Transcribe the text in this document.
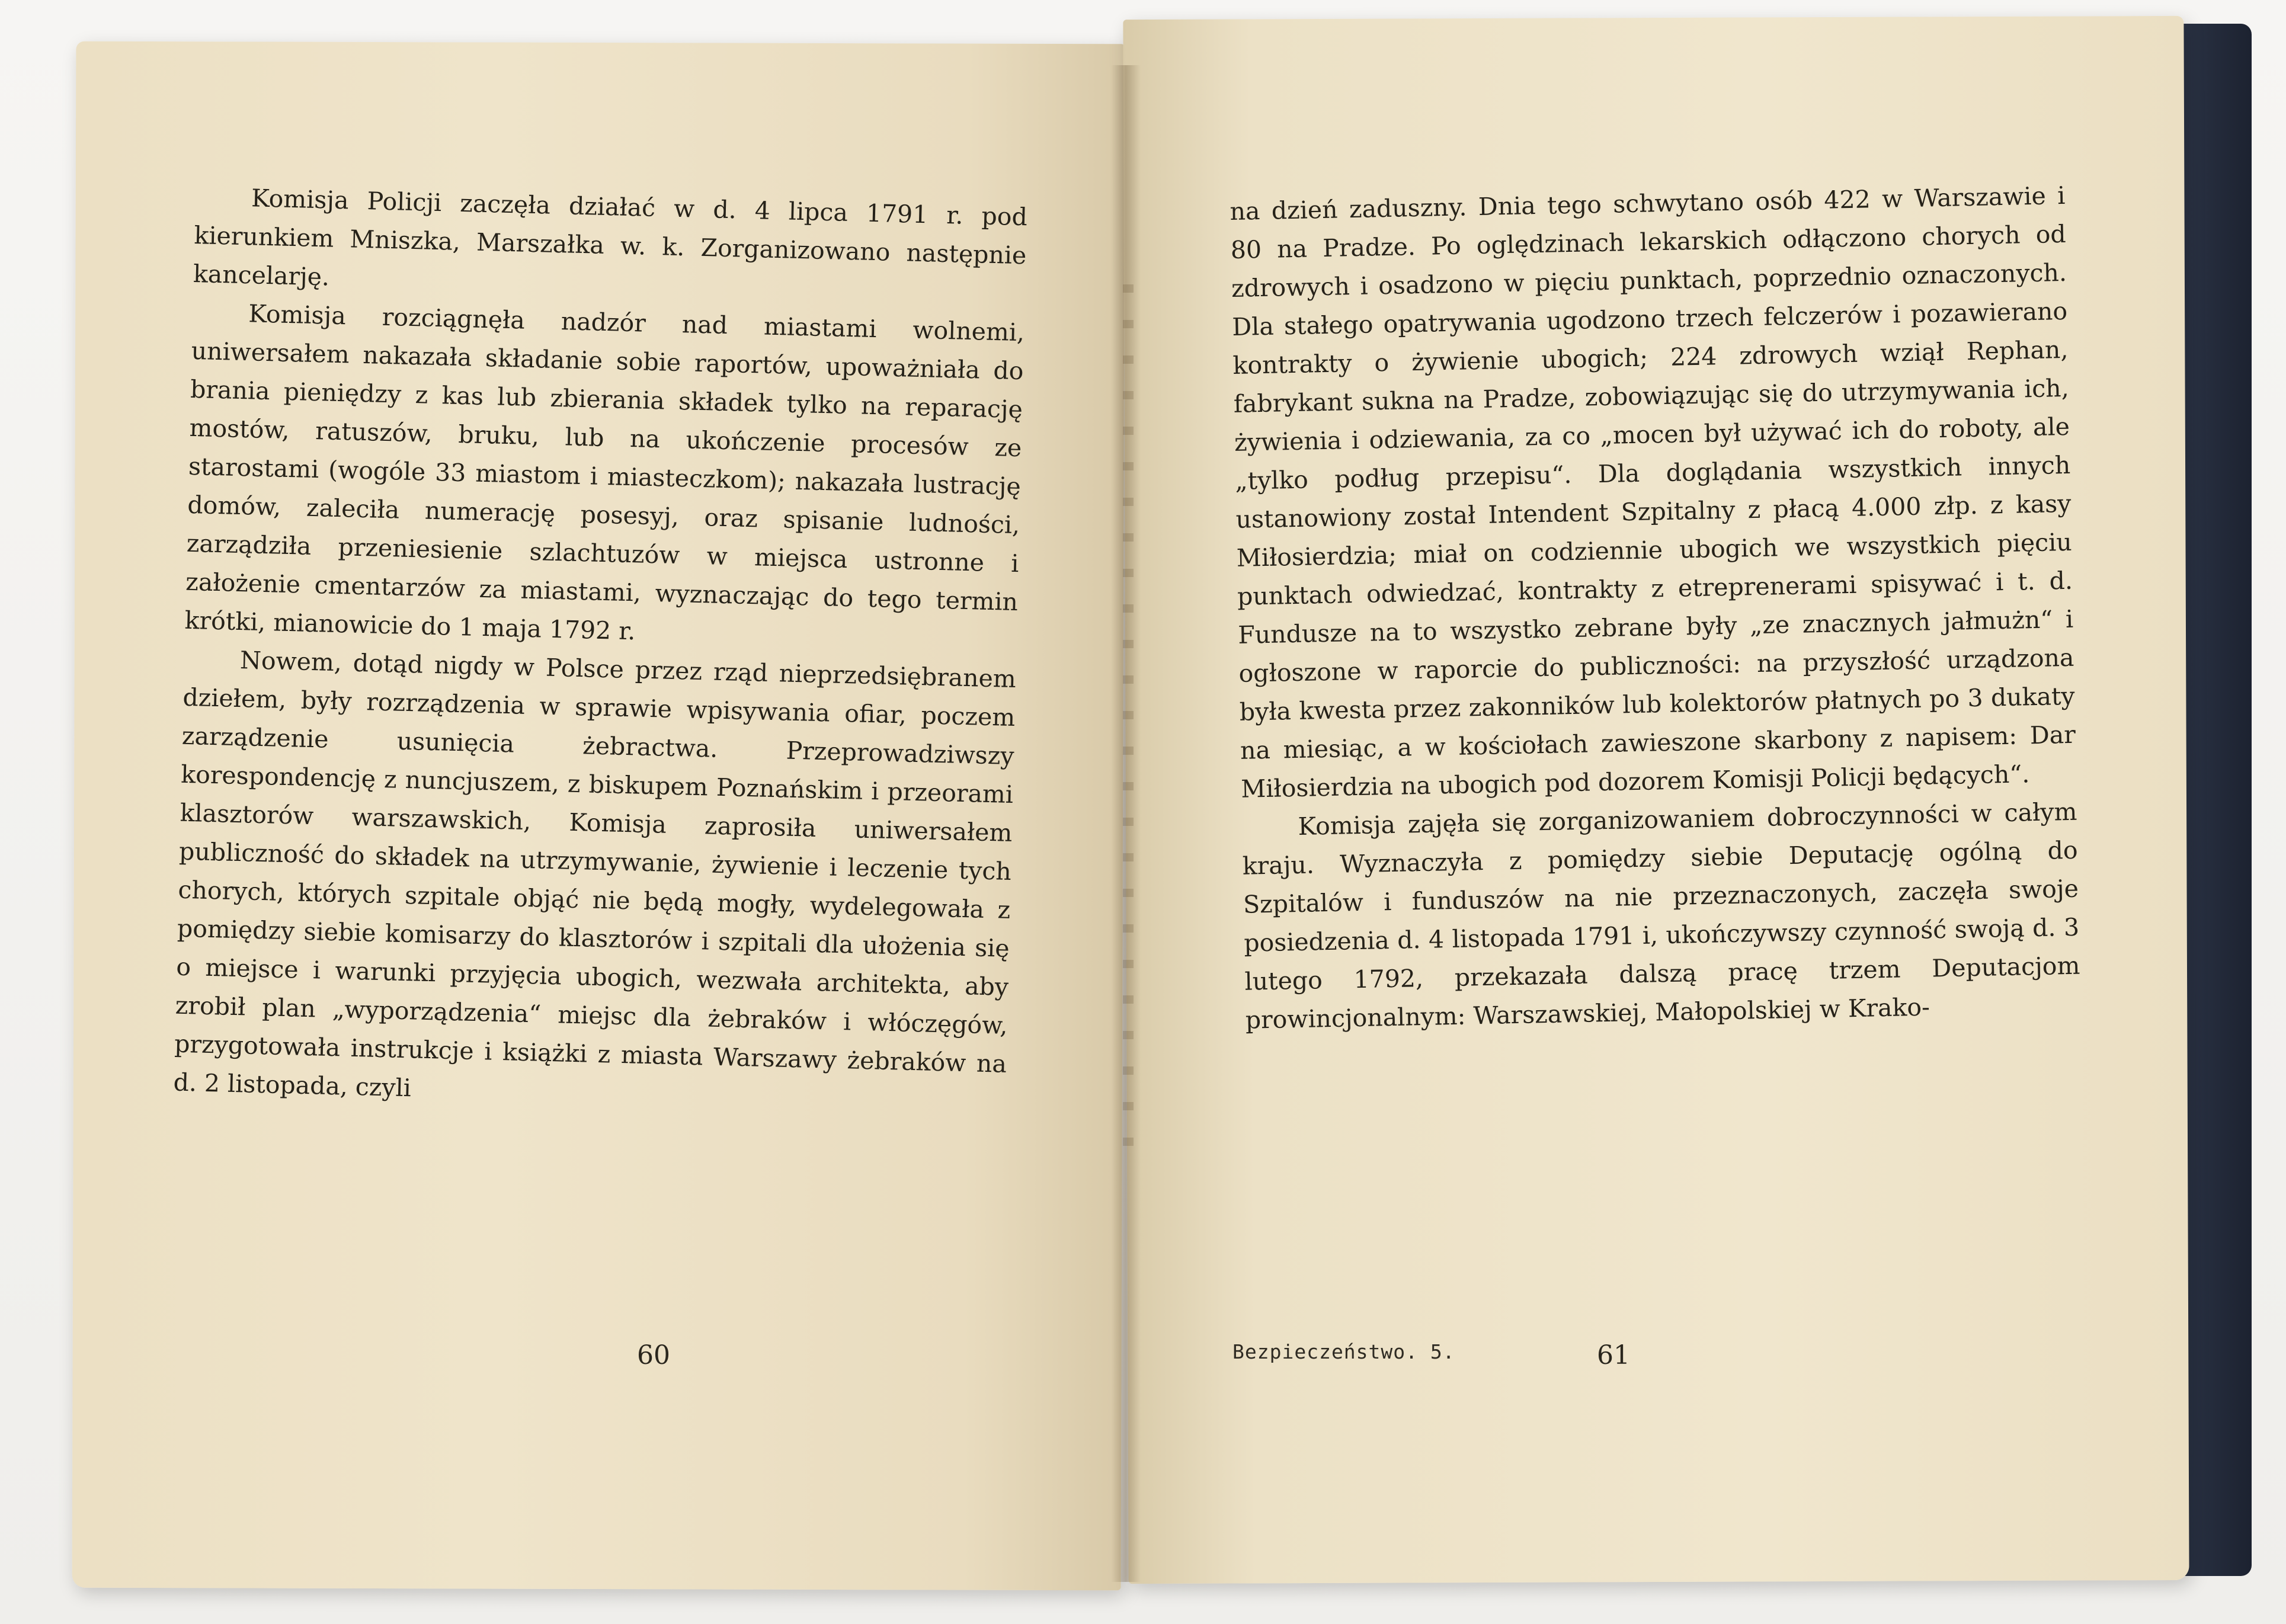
Komisja Policji zaczęła działać w d. 4 lipca 1791 r. pod kierunkiem Mniszka, Marszałka w. k. Zorganizowano następnie kancelarję.

Komisja rozciągnęła nadzór nad miastami wolnemi, uniwersałem nakazała składanie sobie raportów, upoważniała do brania pieniędzy z kas lub zbierania składek tylko na reparację mostów, ratuszów, bruku, lub na ukończenie procesów ze starostami (wogóle 33 miastom i miasteczkom); nakazała lustrację domów, zaleciła numerację posesyj, oraz spisanie ludności, zarządziła przeniesienie szlachtuzów w miejsca ustronne i założenie cmentarzów za miastami, wyznaczając do tego termin krótki, mianowicie do 1 maja 1792 r.

Nowem, dotąd nigdy w Polsce przez rząd nieprzedsiębranem dziełem, były rozrządzenia w sprawie wpisywania ofiar, poczem zarządzenie usunięcia żebractwa. Przeprowadziwszy korespondencję z nuncjuszem, z biskupem Poznańskim i przeorami klasztorów warszawskich, Komisja zaprosiła uniwersałem publiczność do składek na utrzymywanie, żywienie i leczenie tych chorych, których szpitale objąć nie będą mogły, wydelegowała z pomiędzy siebie komisarzy do klasztorów i szpitali dla ułożenia się o miejsce i warunki przyjęcia ubogich, wezwała architekta, aby zrobił plan „wyporządzenia“ miejsc dla żebraków i włóczęgów, przygotowała instrukcje i książki z miasta Warszawy żebraków na d. 2 listopada, czyli

na dzień zaduszny. Dnia tego schwytano osób 422 w Warszawie i 80 na Pradze. Po oględzinach lekarskich odłączono chorych od zdrowych i osadzono w pięciu punktach, poprzednio oznaczonych. Dla stałego opatrywania ugodzono trzech felczerów i pozawierano kontrakty o żywienie ubogich; 224 zdrowych wziął Rephan, fabrykant sukna na Pradze, zobowiązując się do utrzymywania ich, żywienia i odziewania, za co „mocen był używać ich do roboty, ale „tylko podług przepisu“. Dla doglądania wszystkich innych ustanowiony został Intendent Szpitalny z płacą 4.000 złp. z kasy Miłosierdzia; miał on codziennie ubogich we wszystkich pięciu punktach odwiedzać, kontrakty z etreprenerami spisywać i t. d. Fundusze na to wszystko zebrane były „ze znacznych jałmużn“ i ogłoszone w raporcie do publiczności: na przyszłość urządzona była kwesta przez zakonników lub kolektorów płatnych po 3 dukaty na miesiąc, a w kościołach zawieszone skarbony z napisem: Dar Miłosierdzia na ubogich pod dozorem Komisji Policji będących“.

Komisja zajęła się zorganizowaniem dobroczynności w całym kraju. Wyznaczyła z pomiędzy siebie Deputację ogólną do Szpitalów i funduszów na nie przeznaczonych, zaczęła swoje posiedzenia d. 4 listopada 1791 i, ukończywszy czynność swoją d. 3 lutego 1792, przekazała dalszą pracę trzem Deputacjom prowincjonalnym: Warszawskiej, Małopolskiej w Krako-

60	Bezpieczeństwo. 5.	61
